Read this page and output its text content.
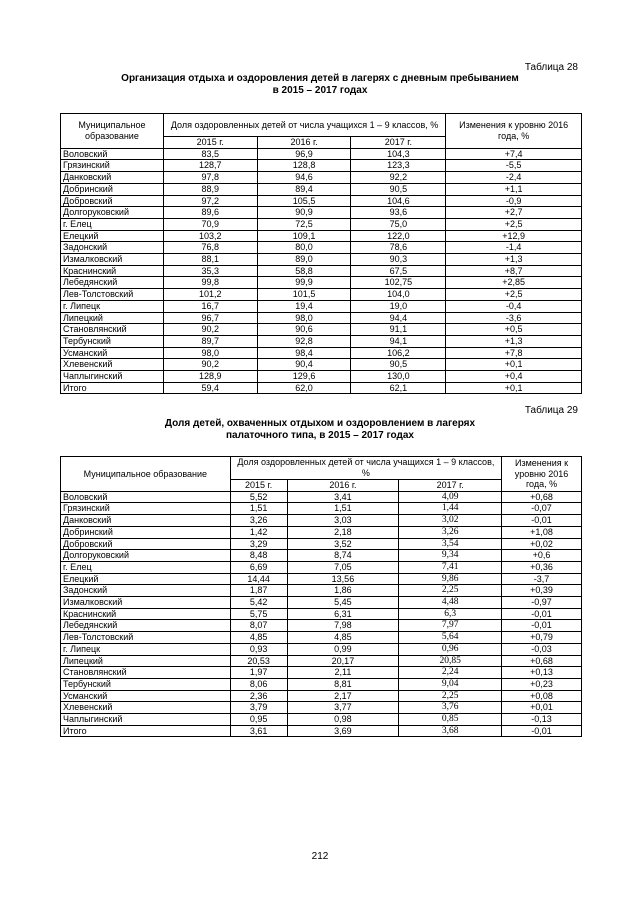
Таблица 28
Организация отдыха и оздоровления детей в лагерях с дневным пребыванием
в 2015 – 2017 годах
Муниципальное образование	Доля оздоровленных детей от числа учащихся 1 – 9 классов, %			Изменения к уровню 2016 года, %
	2015 г.	2016 г.	2017 г.	
Воловский	83,5	96,9	104,3	+7,4
Грязинский	128,7	128,8	123,3	-5,5
Данковский	97,8	94,6	92,2	-2,4
Добринский	88,9	89,4	90,5	+1,1
Добровский	97,2	105,5	104,6	-0,9
Долгоруковский	89,6	90,9	93,6	+2,7
г. Елец	70,9	72,5	75,0	+2,5
Елецкий	103,2	109,1	122,0	+12,9
Задонский	76,8	80,0	78,6	-1,4
Измалковский	88,1	89,0	90,3	+1,3
Краснинский	35,3	58,8	67,5	+8,7
Лебедянский	99,8	99,9	102,75	+2,85
Лев-Толстовский	101,2	101,5	104,0	+2,5
г. Липецк	16,7	19,4	19,0	-0,4
Липецкий	96,7	98,0	94,4	-3,6
Становлянский	90,2	90,6	91,1	+0,5
Тербунский	89,7	92,8	94,1	+1,3
Усманский	98,0	98,4	106,2	+7,8
Хлевенский	90,2	90,4	90,5	+0,1
Чаплыгинский	128,9	129,6	130,0	+0,4
Итого	59,4	62,0	62,1	+0,1
Таблица 29
Доля детей, охваченных отдыхом и оздоровлением в лагерях
палаточного типа, в 2015 – 2017 годах
Муниципальное образование	Доля оздоровленных детей от числа учащихся 1 – 9 классов, %			Изменения к уровню 2016 года, %
	2015 г.	2016 г.	2017 г.	
Воловский	5,52	3,41	4,09	+0,68
Грязинский	1,51	1,51	1,44	-0,07
Данковский	3,26	3,03	3,02	-0,01
Добринский	1,42	2,18	3,26	+1,08
Добровский	3,29	3,52	3,54	+0,02
Долгоруковский	8,48	8,74	9,34	+0,6
г. Елец	6,69	7,05	7,41	+0,36
Елецкий	14,44	13,56	9,86	-3,7
Задонский	1,87	1,86	2,25	+0,39
Измалковский	5,42	5,45	4,48	-0,97
Краснинский	5,75	6,31	6,3	-0,01
Лебедянский	8,07	7,98	7,97	-0,01
Лев-Толстовский	4,85	4,85	5,64	+0,79
г. Липецк	0,93	0,99	0,96	-0,03
Липецкий	20,53	20,17	20,85	+0,68
Становлянский	1,97	2,11	2,24	+0,13
Тербунский	8,06	8,81	9,04	+0,23
Усманский	2,36	2,17	2,25	+0,08
Хлевенский	3,79	3,77	3,76	+0,01
Чаплыгинский	0,95	0,98	0,85	-0,13
Итого	3,61	3,69	3,68	-0,01
212
